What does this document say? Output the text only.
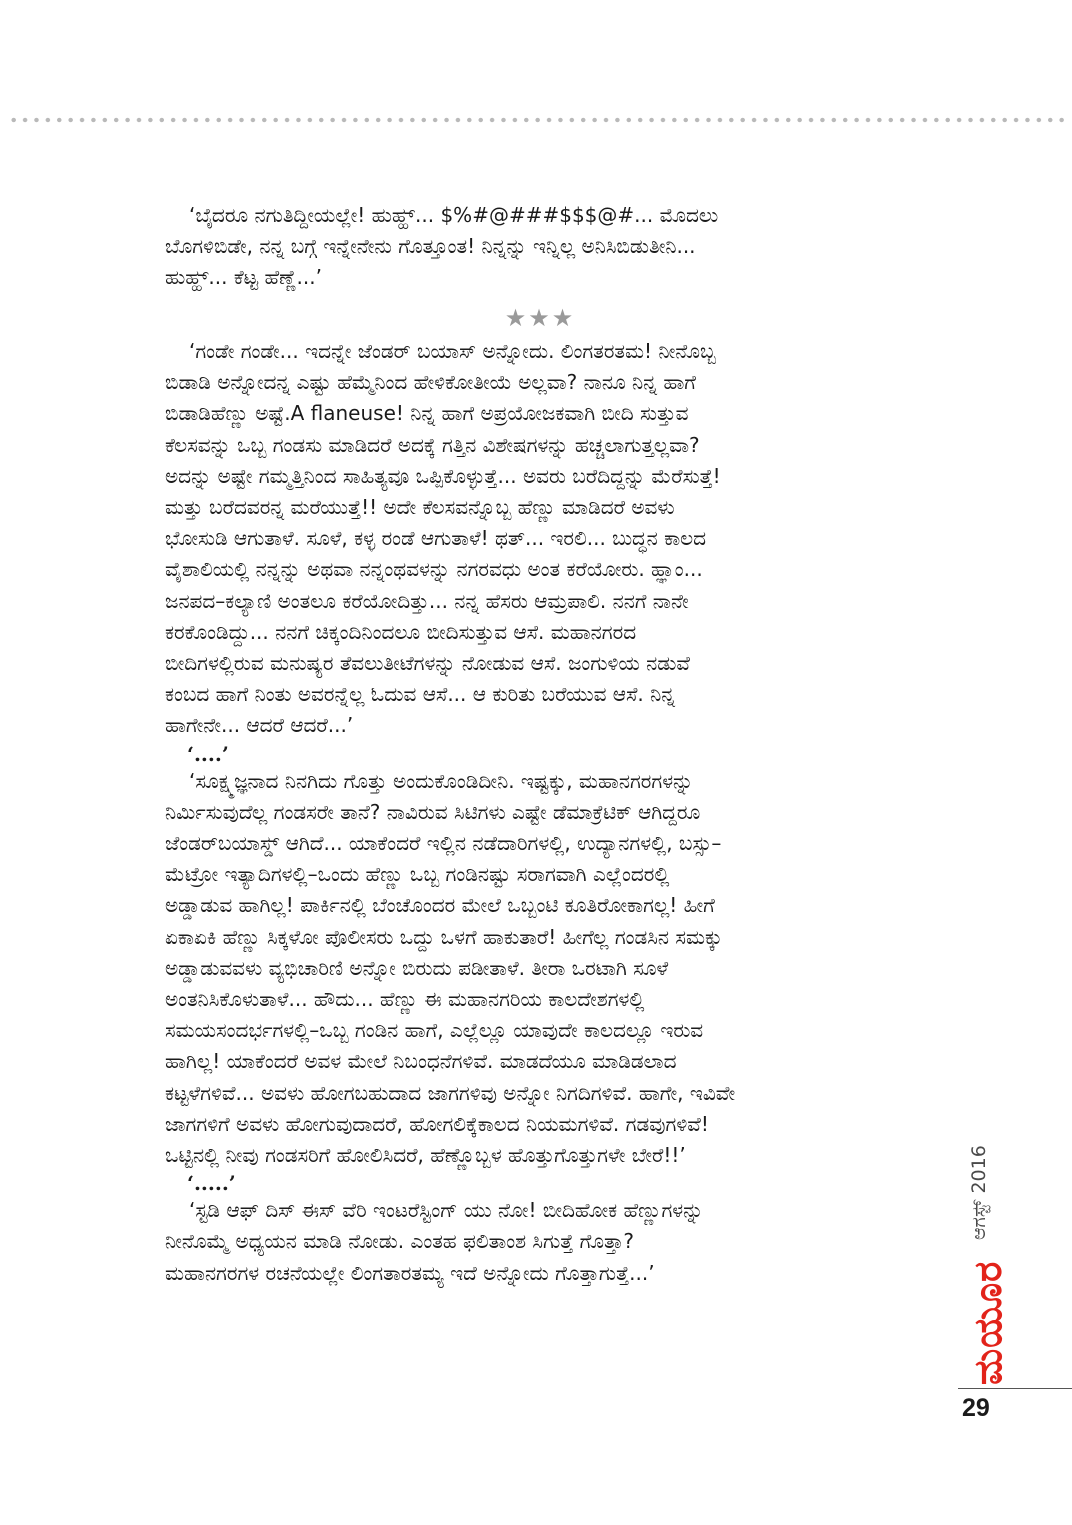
‘ಬೈದರೂ ನಗುತಿದ್ದೀಯಲ್ಲೇ! ಹುಹ್ಹ್... $%#@###$$$@#... ಮೊದಲು

ಬೊಗಳಿಬಿಡೇ, ನನ್ನ ಬಗ್ಗೆ ಇನ್ನೇನೇನು ಗೊತ್ತೂಂತ! ನಿನ್ನನ್ನು ಇನ್ನಿಲ್ಲ ಅನಿಸಿಬಿಡುತೀನಿ...

ಹುಹ್ಹ್... ಕೆಟ್ಟ ಹೆಣ್ಣೆ...’

★★★

‘ಗಂಡೇ ಗಂಡೇ... ಇದನ್ನೇ ಜೆಂಡರ್ ಬಯಾಸ್ ಅನ್ನೋದು. ಲಿಂಗತರತಮ! ನೀನೊಬ್ಬ

ಬಿಡಾಡಿ ಅನ್ನೋದನ್ನ ಎಷ್ಟು ಹೆಮ್ಮೆನಿಂದ ಹೇಳಿಕೋತೀಯೆ ಅಲ್ಲವಾ? ನಾನೂ ನಿನ್ನ ಹಾಗೆ

ಬಿಡಾಡಿಹೆಣ್ಣು ಅಷ್ಟೆ.A flaneuse! ನಿನ್ನ ಹಾಗೆ ಅಪ್ರಯೋಜಕವಾಗಿ ಬೀದಿ ಸುತ್ತುವ

ಕೆಲಸವನ್ನು ಒಬ್ಬ ಗಂಡಸು ಮಾಡಿದರೆ ಅದಕ್ಕೆ ಗತ್ತಿನ ವಿಶೇಷಗಳನ್ನು ಹಚ್ಚಲಾಗುತ್ತಲ್ಲವಾ?

ಅದನ್ನು ಅಷ್ಟೇ ಗಮ್ಮತ್ತಿನಿಂದ ಸಾಹಿತ್ಯವೂ ಒಪ್ಪಿಕೊಳ್ಳುತ್ತೆ... ಅವರು ಬರೆದಿದ್ದನ್ನು ಮೆರೆಸುತ್ತೆ!

ಮತ್ತು ಬರೆದವರನ್ನ ಮರೆಯುತ್ತೆ!! ಅದೇ ಕೆಲಸವನ್ನೊಬ್ಬ ಹೆಣ್ಣು ಮಾಡಿದರೆ ಅವಳು

ಭೋಸುಡಿ ಆಗುತಾಳೆ. ಸೂಳೆ, ಕಳ್ಳ ರಂಡೆ ಆಗುತಾಳೆ! ಥತ್... ಇರಲಿ... ಬುದ್ಧನ ಕಾಲದ

ವೈಶಾಲಿಯಲ್ಲಿ ನನ್ನನ್ನು ಅಥವಾ ನನ್ನಂಥವಳನ್ನು ನಗರವಧು ಅಂತ ಕರೆಯೋರು. ಹ್ಞಾಂ...

ಜನಪದ–ಕಲ್ಯಾಣಿ ಅಂತಲೂ ಕರೆಯೋದಿತ್ತು... ನನ್ನ ಹೆಸರು ಆಮ್ರಪಾಲಿ. ನನಗೆ ನಾನೇ

ಕರಕೊಂಡಿದ್ದು... ನನಗೆ ಚಿಕ್ಕಂದಿನಿಂದಲೂ ಬೀದಿಸುತ್ತುವ ಆಸೆ. ಮಹಾನಗರದ

ಬೀದಿಗಳಲ್ಲಿರುವ ಮನುಷ್ಯರ ತೆವಲುತೀಟೆಗಳನ್ನು ನೋಡುವ ಆಸೆ. ಜಂಗುಳಿಯ ನಡುವೆ

ಕಂಬದ ಹಾಗೆ ನಿಂತು ಅವರನ್ನೆಲ್ಲ ಓದುವ ಆಸೆ... ಆ ಕುರಿತು ಬರೆಯುವ ಆಸೆ. ನಿನ್ನ

ಹಾಗೇನೇ... ಆದರೆ ಆದರೆ...’

‘....’

‘ಸೂಕ್ಷ್ಮಜ್ಞನಾದ ನಿನಗಿದು ಗೊತ್ತು ಅಂದುಕೊಂಡಿದೀನಿ. ಇಷ್ಟಕ್ಕು, ಮಹಾನಗರಗಳನ್ನು

ನಿರ್ಮಿಸುವುದೆಲ್ಲ ಗಂಡಸರೇ ತಾನೆ? ನಾವಿರುವ ಸಿಟಿಗಳು ಎಷ್ಟೇ ಡೆಮಾಕ್ರೆಟಿಕ್ ಆಗಿದ್ದರೂ

ಜೆಂಡರ್‌ಬಯಾಸ್ಡ್ ಆಗಿದೆ... ಯಾಕೆಂದರೆ ಇಲ್ಲಿನ ನಡೆದಾರಿಗಳಲ್ಲಿ, ಉದ್ಯಾನಗಳಲ್ಲಿ, ಬಸ್ಸು–

ಮೆಟ್ರೋ ಇತ್ಯಾದಿಗಳಲ್ಲಿ–ಒಂದು ಹೆಣ್ಣು ಒಬ್ಬ ಗಂಡಿನಷ್ಟು ಸರಾಗವಾಗಿ ಎಲ್ಲೆಂದರಲ್ಲಿ

ಅಡ್ಡಾಡುವ ಹಾಗಿಲ್ಲ! ಪಾರ್ಕಿನಲ್ಲಿ ಬೆಂಚೊಂದರ ಮೇಲೆ ಒಬ್ಬಂಟಿ ಕೂತಿರೋಕಾಗಲ್ಲ! ಹೀಗೆ

ಏಕಾಏಕಿ ಹೆಣ್ಣು ಸಿಕ್ಕಳೋ ಪೊಲೀಸರು ಒದ್ದು ಒಳಗೆ ಹಾಕುತಾರೆ! ಹೀಗೆಲ್ಲ ಗಂಡಸಿನ ಸಮಕ್ಕು

ಅಡ್ಡಾಡುವವಳು ವ್ಯಭಿಚಾರಿಣಿ ಅನ್ನೋ ಬಿರುದು ಪಡೀತಾಳೆ. ತೀರಾ ಒರಟಾಗಿ ಸೂಳೆ

ಅಂತನಿಸಿಕೊಳುತಾಳೆ... ಹೌದು... ಹೆಣ್ಣು ಈ ಮಹಾನಗರಿಯ ಕಾಲದೇಶಗಳಲ್ಲಿ

ಸಮಯಸಂದರ್ಭಗಳಲ್ಲಿ–ಒಬ್ಬ ಗಂಡಿನ ಹಾಗೆ, ಎಲ್ಲೆಲ್ಲೂ ಯಾವುದೇ ಕಾಲದಲ್ಲೂ ಇರುವ

ಹಾಗಿಲ್ಲ! ಯಾಕೆಂದರೆ ಅವಳ ಮೇಲೆ ನಿಬಂಧನೆಗಳಿವೆ. ಮಾಡದೆಯೂ ಮಾಡಿಡಲಾದ

ಕಟ್ಟಳೆಗಳಿವೆ... ಅವಳು ಹೋಗಬಹುದಾದ ಜಾಗಗಳಿವು ಅನ್ನೋ ನಿಗದಿಗಳಿವೆ. ಹಾಗೇ, ಇವಿವೇ

ಜಾಗಗಳಿಗೆ ಅವಳು ಹೋಗುವುದಾದರೆ, ಹೋಗಲಿಕ್ಕೆಕಾಲದ ನಿಯಮಗಳಿವೆ. ಗಡವುಗಳಿವೆ!

ಒಟ್ಟಿನಲ್ಲಿ ನೀವು ಗಂಡಸರಿಗೆ ಹೋಲಿಸಿದರೆ, ಹೆಣ್ಣೊಬ್ಬಳ ಹೊತ್ತುಗೊತ್ತುಗಳೇ ಬೇರೆ!!’

‘.....’

‘ಸ್ಟಡಿ ಆಫ್ ದಿಸ್ ಈಸ್ ವೆರಿ ಇಂಟರೆಸ್ಟಿಂಗ್ ಯು ನೋ! ಬೀದಿಹೋಕ ಹೆಣ್ಣುಗಳನ್ನು

ನೀನೊಮ್ಮೆ ಅಧ್ಯಯನ ಮಾಡಿ ನೋಡು. ಎಂತಹ ಫಲಿತಾಂಶ ಸಿಗುತ್ತೆ ಗೊತ್ತಾ?

ಮಹಾನಗರಗಳ ರಚನೆಯಲ್ಲೇ ಲಿಂಗತಾರತಮ್ಯ ಇದೆ ಅನ್ನೋದು ಗೊತ್ತಾಗುತ್ತೆ...’

ಆಗಸ್ಟ್ 2016
ಮಯೂರ
29
